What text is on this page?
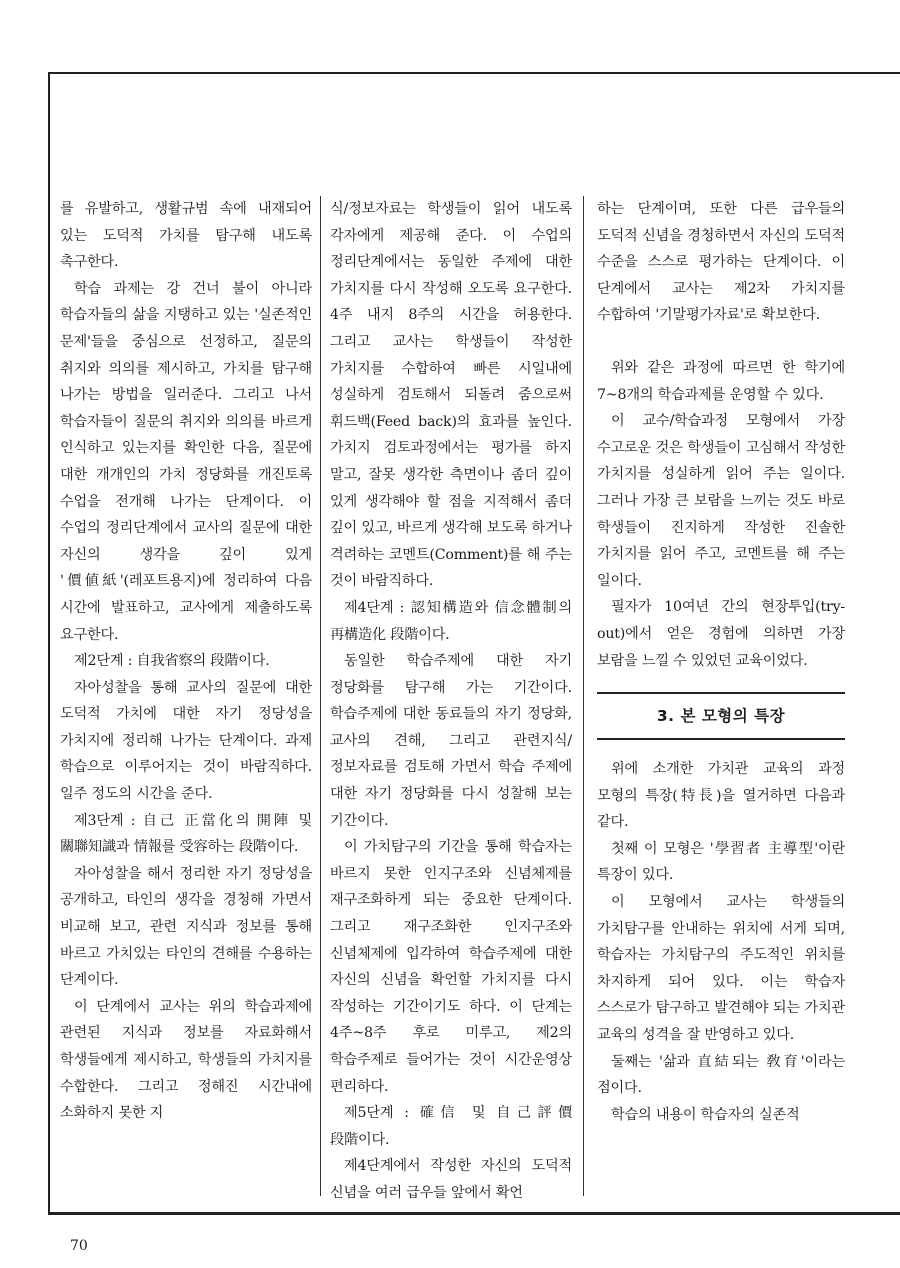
를 유발하고, 생활규범 속에 내재되어 있는 도덕적 가치를 탐구해 내도록 촉구한다.

학습 과제는 강 건너 불이 아니라 학습자들의 삶을 지탱하고 있는 '실존적인 문제'들을 중심으로 선정하고, 질문의 취지와 의의를 제시하고, 가치를 탐구해 나가는 방법을 일러준다. 그리고 나서 학습자들이 질문의 취지와 의의를 바르게 인식하고 있는지를 확인한 다음, 질문에 대한 개개인의 가치 정당화를 개진토록 수업을 전개해 나가는 단계이다. 이 수업의 정리단계에서 교사의 질문에 대한 자신의 생각을 깊이 있게 '價値紙'(레포트용지)에 정리하여 다음 시간에 발표하고, 교사에게 제출하도록 요구한다.

제2단계 : 自我省察의 段階이다.

자아성찰을 통해 교사의 질문에 대한 도덕적 가치에 대한 자기 정당성을 가치지에 정리해 나가는 단계이다. 과제 학습으로 이루어지는 것이 바람직하다. 일주 정도의 시간을 준다.

제3단계 : 自己 正當化의 開陣 및 關聯知識과 情報를 受容하는 段階이다.

자아성찰을 해서 정리한 자기 정당성을 공개하고, 타인의 생각을 경청해 가면서 비교해 보고, 관련 지식과 정보를 통해 바르고 가치있는 타인의 견해를 수용하는 단계이다.

이 단계에서 교사는 위의 학습과제에 관련된 지식과 정보를 자료화해서 학생들에게 제시하고, 학생들의 가치지를 수합한다. 그리고 정해진 시간내에 소화하지 못한 지

식/정보자료는 학생들이 읽어 내도록 각자에게 제공해 준다. 이 수업의 정리단계에서는 동일한 주제에 대한 가치지를 다시 작성해 오도록 요구한다. 4주 내지 8주의 시간을 허용한다. 그리고 교사는 학생들이 작성한 가치지를 수합하여 빠른 시일내에 성실하게 검토해서 되돌려 줌으로써 휘드백(Feed back)의 효과를 높인다. 가치지 검토과정에서는 평가를 하지 말고, 잘못 생각한 측면이나 좀더 깊이 있게 생각해야 할 점을 지적해서 좀더 깊이 있고, 바르게 생각해 보도록 하거나 격려하는 코멘트(Comment)를 해 주는 것이 바람직하다.

제4단계 : 認知構造와 信念體制의 再構造化 段階이다.

동일한 학습주제에 대한 자기 정당화를 탐구해 가는 기간이다. 학습주제에 대한 동료들의 자기 정당화, 교사의 견해, 그리고 관련지식/정보자료를 검토해 가면서 학습 주제에 대한 자기 정당화를 다시 성찰해 보는 기간이다.

이 가치탐구의 기간을 통해 학습자는 바르지 못한 인지구조와 신념체제를 재구조화하게 되는 중요한 단계이다. 그리고 재구조화한 인지구조와 신념체제에 입각하여 학습주제에 대한 자신의 신념을 확언할 가치지를 다시 작성하는 기간이기도 하다. 이 단계는 4주~8주 후로 미루고, 제2의 학습주제로 들어가는 것이 시간운영상 편리하다.

제5단계 : 確信 및 自己評價 段階이다.

제4단계에서 작성한 자신의 도덕적 신념을 여러 급우들 앞에서 확언

하는 단계이며, 또한 다른 급우들의 도덕적 신념을 경청하면서 자신의 도덕적 수준을 스스로 평가하는 단계이다. 이 단계에서 교사는 제2차 가치지를 수합하여 '기말평가자료'로 확보한다.

위와 같은 과정에 따르면 한 학기에 7~8개의 학습과제를 운영할 수 있다.

이 교수/학습과정 모형에서 가장 수고로운 것은 학생들이 고심해서 작성한 가치지를 성실하게 읽어 주는 일이다. 그러나 가장 큰 보람을 느끼는 것도 바로 학생들이 진지하게 작성한 진솔한 가치지를 읽어 주고, 코멘트를 해 주는 일이다.

필자가 10여년 간의 현장투입(try-out)에서 얻은 경험에 의하면 가장 보람을 느낄 수 있었던 교육이었다.

3. 본 모형의 특장

위에 소개한 가치관 교육의 과정 모형의 특장(特長)을 열거하면 다음과 같다.

첫째 이 모형은 '學習者 主導型'이란 특장이 있다.

이 모형에서 교사는 학생들의 가치탐구를 안내하는 위치에 서게 되며, 학습자는 가치탐구의 주도적인 위치를 차지하게 되어 있다. 이는 학습자 스스로가 탐구하고 발견해야 되는 가치관 교육의 성격을 잘 반영하고 있다.

둘째는 '삶과 直結되는 敎育'이라는 점이다.

학습의 내용이 학습자의 실존적

70
